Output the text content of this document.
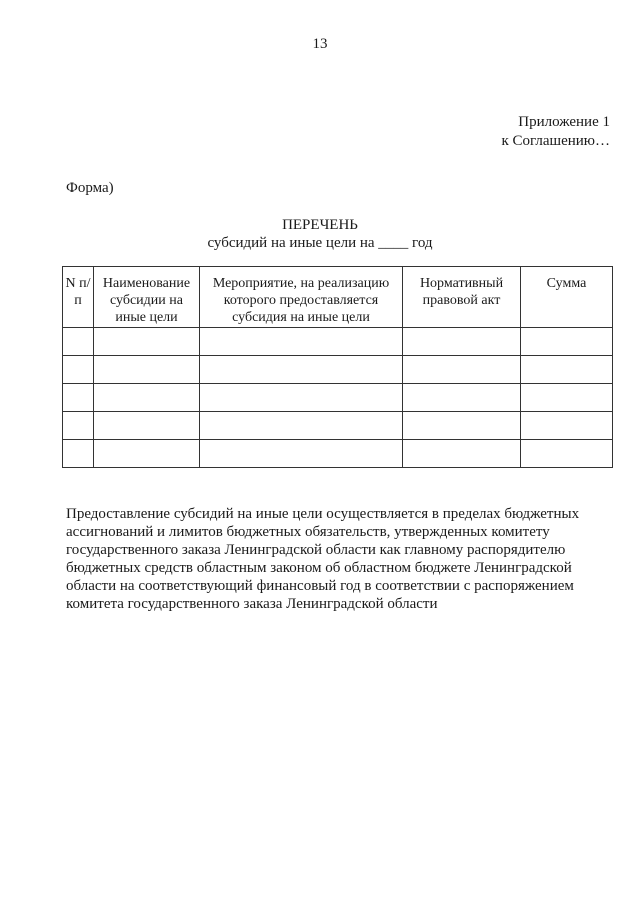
13
Приложение 1
к Соглашению…
Форма)
ПЕРЕЧЕНЬ
субсидий на иные цели на ____ год
N п/п	Наименование субсидии на иные цели	Мероприятие, на реализацию которого предоставляется субсидия на иные цели	Нормативный правовой акт	Сумма

Предоставление субсидий на иные цели осуществляется в пределах бюджетных ассигнований и лимитов бюджетных обязательств, утвержденных комитету государственного заказа Ленинградской области как главному распорядителю бюджетных средств областным законом об областном бюджете Ленинградской области на соответствующий финансовый год в соответствии с распоряжением комитета государственного заказа Ленинградской области
